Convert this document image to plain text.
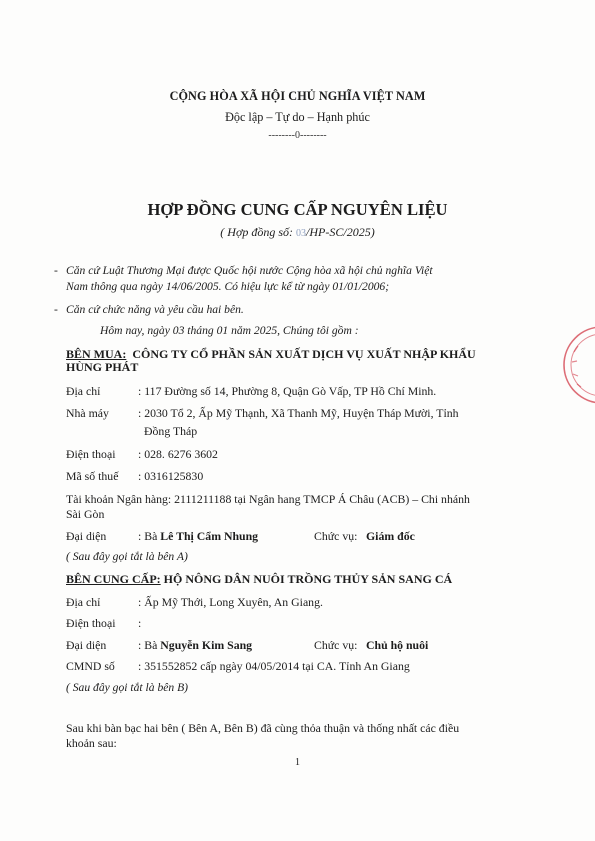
CỘNG HÒA XÃ HỘI CHỦ NGHĨA VIỆT NAM
Độc lập – Tự do – Hạnh phúc
--------0--------
HỢP ĐỒNG CUNG CẤP NGUYÊN LIỆU
( Hợp đồng số: 03/HP-SC/2025)
- Căn cứ Luật Thương Mại được Quốc hội nước Cộng hòa xã hội chủ nghĩa Việt
Nam thông qua ngày 14/06/2005. Có hiệu lực kể từ ngày 01/01/2006;
- Căn cứ chức năng và yêu cầu hai bên.
Hôm nay, ngày 03 tháng 01 năm 2025, Chúng tôi gồm :
BÊN MUA: CÔNG TY CỔ PHẦN SẢN XUẤT DỊCH VỤ XUẤT NHẬP KHẨU
HÙNG PHÁT
Địa chỉ	: 117 Đường số 14, Phường 8, Quận Gò Vấp, TP Hồ Chí Minh.
Nhà máy : 2030 Tổ 2, Ấp Mỹ Thạnh, Xã Thanh Mỹ, Huyện Tháp Mười, Tỉnh
Đồng Tháp
Điện thoại : 028. 6276 3602
Mã số thuế : 0316125830
Tài khoản Ngân hàng: 2111211188 tại Ngân hang TMCP Á Châu (ACB) – Chi nhánh
Sài Gòn
Đại diện	: Bà Lê Thị Cẩm Nhung	Chức vụ: Giám đốc
( Sau đây gọi tắt là bên A)
BÊN CUNG CẤP: HỘ NÔNG DÂN NUÔI TRỒNG THỦY SẢN SANG CÁ
Địa chỉ	: Ấp Mỹ Thới, Long Xuyên, An Giang.
Điện thoại :
Đại diện	: Bà Nguyễn Kim Sang	Chức vụ: Chủ hộ nuôi
CMND số : 351552852 cấp ngày 04/05/2014 tại CA. Tỉnh An Giang
( Sau đây gọi tắt là bên B)
Sau khi bàn bạc hai bên ( Bên A, Bên B) đã cùng thỏa thuận và thống nhất các điều
khoản sau:
1
